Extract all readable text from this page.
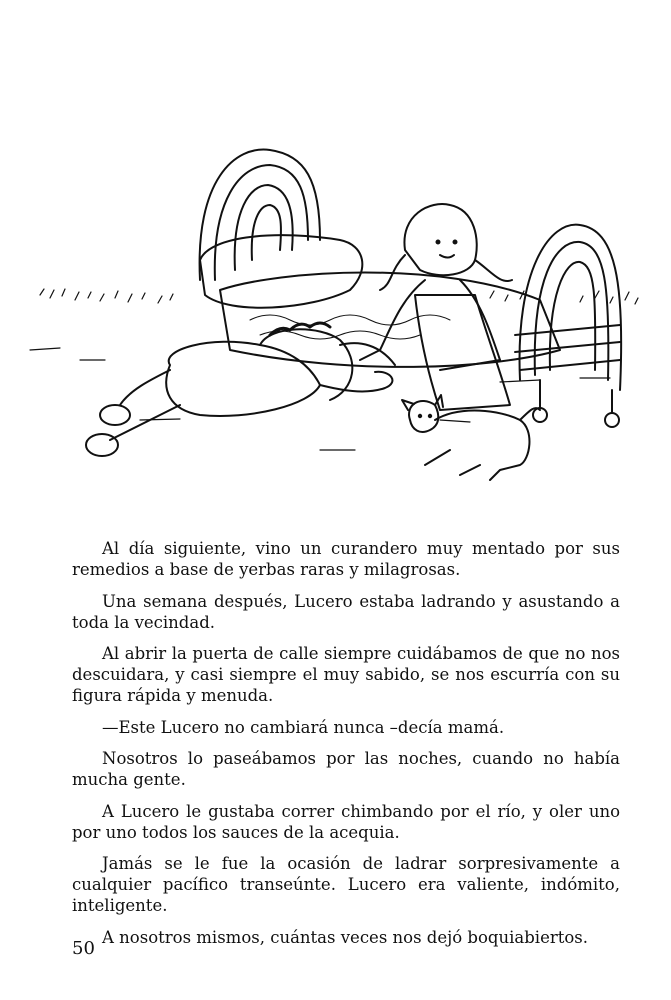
Al día siguiente, vino un curandero muy mentado por sus remedios a base de yerbas raras y milagrosas.

Una semana después, Lucero estaba ladrando y asustando a toda la vecindad.

Al abrir la puerta de calle siempre cuidábamos de que no nos descuidara, y casi siempre el muy sabido, se nos escurría con su figura rápida y menuda.

—Este Lucero no cambiará nunca –decía mamá.

Nosotros lo paseábamos por las noches, cuando no había mucha gente.

A Lucero le gustaba correr chimbando por el río, y oler uno por uno todos los sauces de la acequia.

Jamás se le fue la ocasión de ladrar sorpresivamente a cualquier pacífico transeúnte. Lucero era valiente, indómito, inteligente.

A nosotros mismos, cuántas veces nos dejó boquiabiertos.

50
